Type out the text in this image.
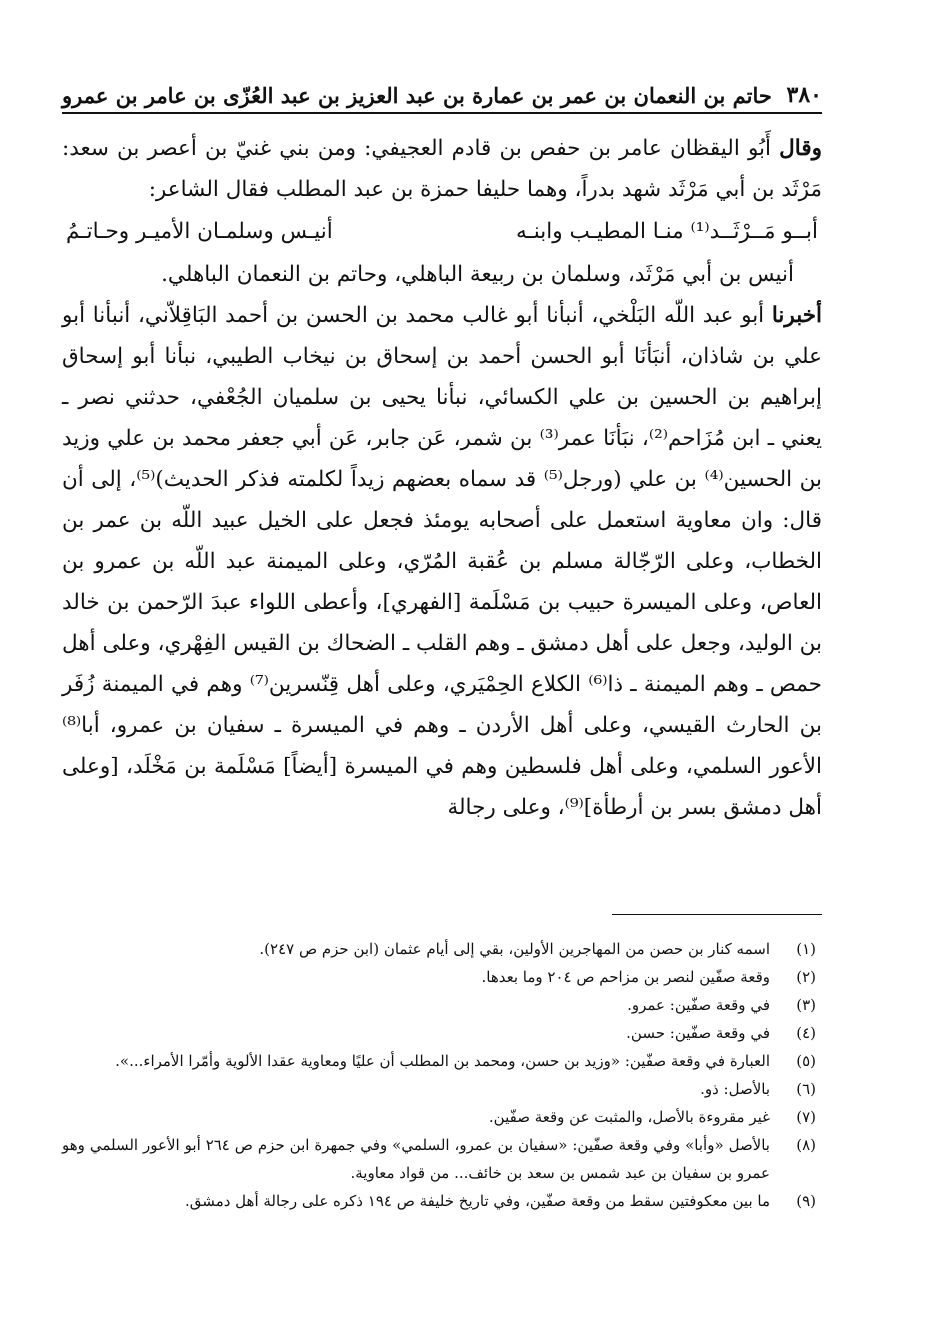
٣٨٠
حاتم بن النعمان بن عمر بن عمارة بن عبد العزيز بن عبد العُزّى بن عامر بن عمرو

وقال أَبُو اليقظان عامر بن حفص بن قادم العجيفي: ومن بني غنيّ بن أعصر بن سعد: مَرْثَد بن أبي مَرْثَد شهد بدراً، وهما حليفا حمزة بن عبد المطلب فقال الشاعر:

أبــو مَــرْثَــد⁽¹⁾ منـا المطيـب وابنـه
أنيـس وسلمـان الأميـر وحـاتـمُ

أنيس بن أبي مَرْثَد، وسلمان بن ربيعة الباهلي، وحاتم بن النعمان الباهلي.

أخبرنا أبو عبد اللّه البَلْخي، أنبأنا أبو غالب محمد بن الحسن بن أحمد البَاقِلاّني، أنبأنا أبو علي بن شاذان، أنبَأنَا أبو الحسن أحمد بن إسحاق بن نيخاب الطيبي، نبأنا أبو إسحاق إبراهيم بن الحسين بن علي الكسائي، نبأنا يحيى بن سلميان الجُعْفي، حدثني نصر ـ يعني ـ ابن مُزَاحم⁽²⁾، نبَأنَا عمر⁽³⁾ بن شمر، عَن جابر، عَن أبي جعفر محمد بن علي وزيد بن الحسين⁽⁴⁾ بن علي (ورجل⁽⁵⁾ قد سماه بعضهم زيداً لكلمته فذكر الحديث)⁽⁵⁾، إلى أن قال: وان معاوية استعمل على أصحابه يومئذ فجعل على الخيل عبيد اللّه بن عمر بن الخطاب، وعلى الرّجّالة مسلم بن عُقبة المُرّي، وعلى الميمنة عبد اللّه بن عمرو بن العاص، وعلى الميسرة حبيب بن مَسْلَمة [الفهري]، وأعطى اللواء عبدَ الرّحمن بن خالد بن الوليد، وجعل على أهل دمشق ـ وهم القلب ـ الضحاك بن القيس الفِهْري، وعلى أهل حمص ـ وهم الميمنة ـ ذا⁽⁶⁾ الكلاع الحِمْيَري، وعلى أهل قِنّسرين⁽⁷⁾ وهم في الميمنة زُفَر بن الحارث القيسي، وعلى أهل الأردن ـ وهم في الميسرة ـ سفيان بن عمرو، أبا⁽⁸⁾ الأعور السلمي، وعلى أهل فلسطين وهم في الميسرة [أيضاً] مَسْلَمة بن مَخْلَد، [وعلى أهل دمشق بسر بن أرطأة]⁽⁹⁾، وعلى رجالة

(١)
اسمه كنار بن حصن من المهاجرين الأولين، بقي إلى أيام عثمان (ابن حزم ص ٢٤٧).
(٢)
وقعة صفّين لنصر بن مزاحم ص ٢٠٤ وما بعدها.
(٣)
في وقعة صفّين: عمرو.
(٤)
في وقعة صفّين: حسن.
(٥)
العبارة في وقعة صفّين: «وزيد بن حسن، ومحمد بن المطلب أن عليًا ومعاوية عقدا الألوية وأمّرا الأمراء...».
(٦)
بالأصل: ذو.
(٧)
غير مقروءة بالأصل، والمثبت عن وقعة صفّين.
(٨)
بالأصل «وأبا» وفي وقعة صفّين: «سفيان بن عمرو، السلمي» وفي جمهرة ابن حزم ص ٢٦٤ أبو الأعور السلمي وهو عمرو بن سفيان بن عبد شمس بن سعد بن خائف... من قواد معاوية.
(٩)
ما بين معكوفتين سقط من وقعة صفّين، وفي تاريخ خليفة ص ١٩٤ ذكره على رجالة أهل دمشق.
